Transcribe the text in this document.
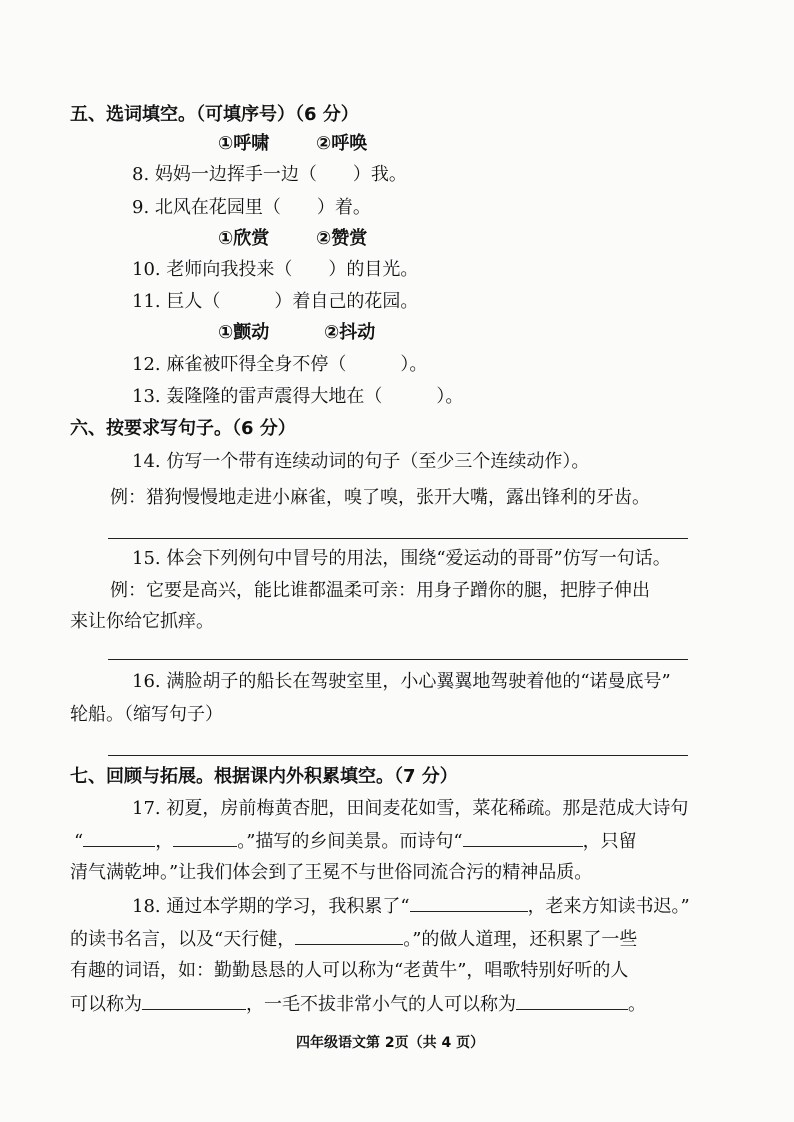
五、选词填空。（可填序号）（6 分）
①呼啸	②呼唤
8. 妈妈一边挥手一边（　　）我。
9. 北风在花园里（　　）着。
①欣赏	②赞赏
10. 老师向我投来（　　）的目光。
11. 巨人（　　　）着自己的花园。
①颤动	②抖动
12. 麻雀被吓得全身不停（　　　）。
13. 轰隆隆的雷声震得大地在（　　　）。
六、按要求写句子。（6 分）
14. 仿写一个带有连续动词的句子（至少三个连续动作）。
例：猎狗慢慢地走进小麻雀，嗅了嗅，张开大嘴，露出锋利的牙齿。
15. 体会下列例句中冒号的用法，围绕“爱运动的哥哥”仿写一句话。
例：它要是高兴，能比谁都温柔可亲：用身子蹭你的腿，把脖子伸出
来让你给它抓痒。
16. 满脸胡子的船长在驾驶室里，小心翼翼地驾驶着他的“诺曼底号”
轮船。（缩写句子）
七、回顾与拓展。根据课内外积累填空。（7 分）
17. 初夏，房前梅黄杏肥，田间麦花如雪，菜花稀疏。那是范成大诗句
“	，	。”描写的乡间美景。而诗句“	，只留
清气满乾坤。”让我们体会到了王冕不与世俗同流合污的精神品质。
18. 通过本学期的学习，我积累了“	，老来方知读书迟。”
的读书名言，以及“天行健，	。”的做人道理，还积累了一些
有趣的词语，如：勤勤恳恳的人可以称为“老黄牛”，唱歌特别好听的人
可以称为	，一毛不拔非常小气的人可以称为	。
四年级语文第 2页（共 4 页）
